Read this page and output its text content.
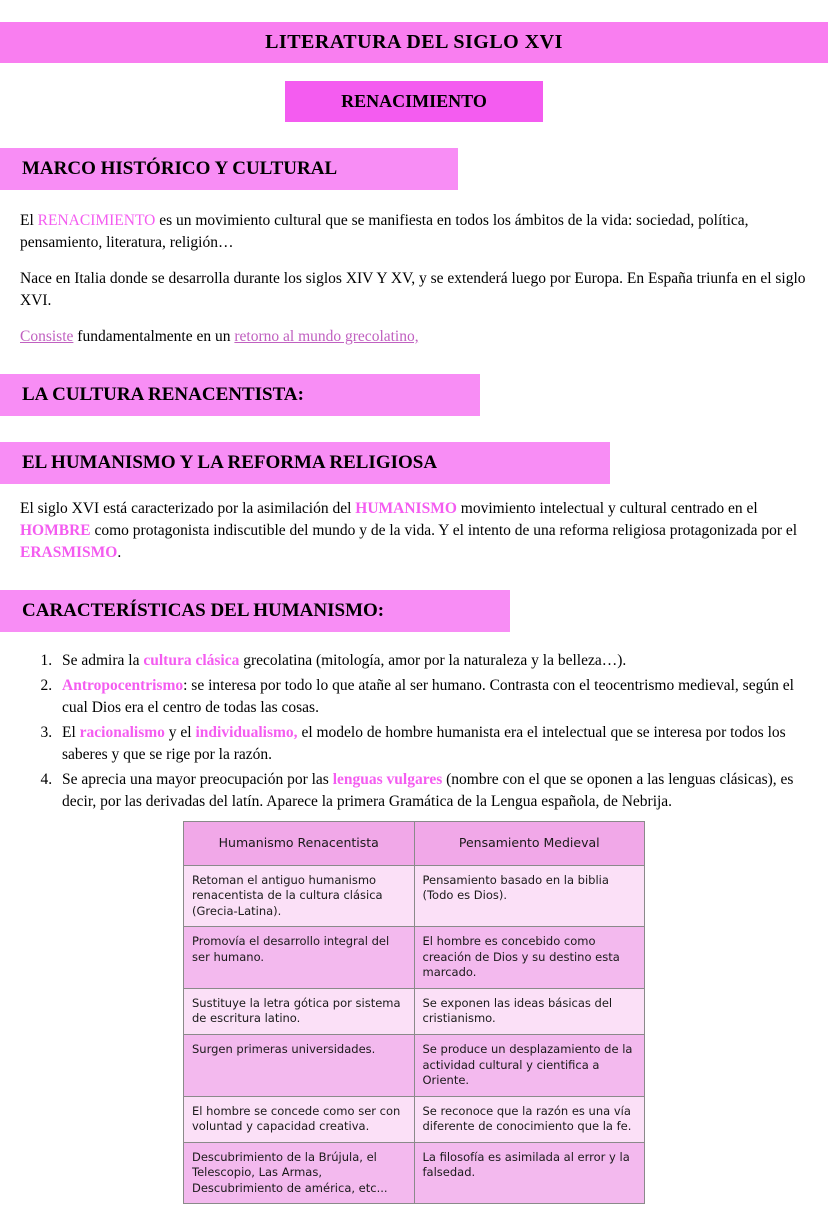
LITERATURA DEL SIGLO XVI
RENACIMIENTO
MARCO HISTÓRICO Y CULTURAL

El RENACIMIENTO es un movimiento cultural que se manifiesta en todos los ámbitos de la vida: sociedad, política, pensamiento, literatura, religión…

Nace en Italia donde se desarrolla durante los siglos XIV Y XV, y se extenderá luego por Europa. En España triunfa en el siglo XVI.

Consiste fundamentalmente en un retorno al mundo grecolatino,

LA CULTURA RENACENTISTA:
EL HUMANISMO Y LA REFORMA RELIGIOSA

El siglo XVI está caracterizado por la asimilación del HUMANISMO movimiento intelectual y cultural centrado en el HOMBRE como protagonista indiscutible del mundo y de la vida. Y el intento de una reforma religiosa protagonizada por el ERASMISMO.

CARACTERÍSTICAS DEL HUMANISMO:
1. Se admira la cultura clásica grecolatina (mitología, amor por la naturaleza y la belleza…).
2. Antropocentrismo: se interesa por todo lo que atañe al ser humano. Contrasta con el teocentrismo medieval, según el cual Dios era el centro de todas las cosas.
3. El racionalismo y el individualismo, el modelo de hombre humanista era el intelectual que se interesa por todos los saberes y que se rige por la razón.
4. Se aprecia una mayor preocupación por las lenguas vulgares (nombre con el que se oponen a las lenguas clásicas), es decir, por las derivadas del latín. Aparece la primera Gramática de la Lengua española, de Nebrija.
Humanismo Renacentista	Pensamiento Medieval
Retoman el antiguo humanismo renacentista de la cultura clásica (Grecia-Latina).	Pensamiento basado en la biblia (Todo es Dios).
Promovía el desarrollo integral del ser humano.	El hombre es concebido como creación de Dios y su destino esta marcado.
Sustituye la letra gótica por sistema de escritura latino.	Se exponen las ideas básicas del cristianismo.
Surgen primeras universidades.	Se produce un desplazamiento de la actividad cultural y cientifica a Oriente.
El hombre se concede como ser con voluntad y capacidad creativa.	Se reconoce que la razón es una vía diferente de conocimiento que la fe.
Descubrimiento de la Brújula, el Telescopio, Las Armas, Descubrimiento de américa, etc...	La filosofía es asimilada al error y la falsedad.
